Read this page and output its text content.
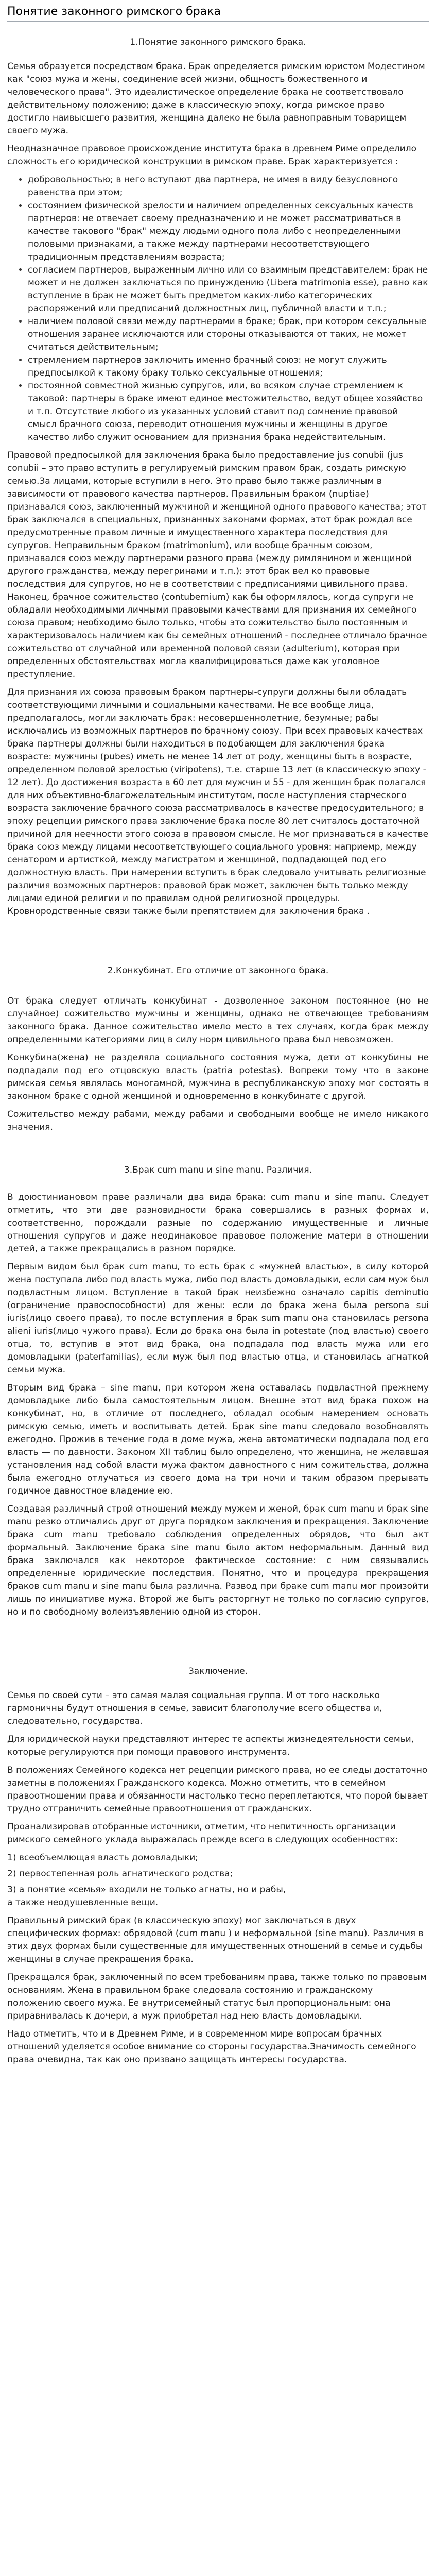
Понятие законного римского брака

1.Понятие законного римского брака.

Семья образуется посредством брака. Брак определяется римским юристом Модестином как "союз мужа и жены, соединение всей жизни, общность божественного и человеческого права". Это идеалистическое определение брака не соответствовало действительному положению; даже в классическую эпоху, когда римское право достигло наивысшего развития, женщина далеко не была равноправным товарищем своего мужа.

Неодназначное правовое происхождение института брака в древнем Риме определило сложность его юридической конструкции в римском праве. Брак характеризуется :

• добровольностью; в него вступают два партнера, не имея в виду безусловного равенства при этом;
• состоянием физической зрелости и наличием определенных сексуальных качеств партнеров: не отвечает своему предназначению и не может рассматриваться в качестве такового "брак" между людьми одного пола либо с неопределенными половыми признаками, а также между партнерами несоответствующего традиционным представлениям возраста;
• согласием партнеров, выраженным лично или со взаимным представителем: брак не может и не должен заключаться по принуждению (Libera matrimonia esse), равно как вступление в брак не может быть предметом каких-либо категорических распоряжений или предписаний должностных лиц, публичной власти и т.п.;
• наличием половой связи между партнерами в браке; брак, при котором сексуальные отношения заранее исключаются или стороны отказываются от таких, не может считаться действительным;
• стремлением партнеров заключить именно брачный союз: не могут служить предпосылкой к такому браку только сексуальные отношения;
• постоянной совместной жизнью супругов, или, во всяком случае стремлением к таковой: партнеры в браке имеют единое местожительство, ведут общее хозяйство и т.п. Отсутствие любого из указанных условий ставит под сомнение правовой смысл брачного союза, переводит отношения мужчины и женщины в другое качество либо служит основанием для признания брака недействительным.

Правовой предпосылкой для заключения брака было предоставление jus conubii (jus conubii – это право вступить в регулируемый римским правом брак, создать римскую семью.За лицами, которые вступили в него. Это право было также различным в зависимости от правового качества партнеров. Правильным браком (nuptiae) признавался союз, заключенный мужчиной и женщиной одного правового качества; этот брак заключался в специальных, признанных законами формах, этот брак рождал все предусмотренные правом личные и имущественного характера последствия для супругов. Неправильным браком (matrimonium), или вообще брачным союзом, признавался союз между партнерами разного права (между римлянином и женщиной другого гражданства, между перегринами и т.п.): этот брак вел ко правовые последствия для супругов, но не в соответствии с предписаниями цивильного права. Наконец, брачное сожительство (contubernium) как бы оформлялось, когда супруги не обладали необходимыми личными правовыми качествами для признания их семейного союза правом; необходимо было только, чтобы это сожительство было постоянным и характеризовалось наличием как бы семейных отношений - последнее отличало брачное сожительство от случайной или временной половой связи (adulterium), которая при определенных обстоятельствах могла квалифицироваться даже как уголовное преступление.

Для признания их союза правовым браком партнеры-супруги должны были обладать соответствующими личными и социальными качествами. Не все вообще лица, предполагалось, могли заключать брак: несовершеннолетние, безумные; рабы исключались из возможных партнеров по брачному союзу. При всех правовых качествах брака партнеры должны были находиться в подобающем для заключения брака возрасте: мужчины (pubes) иметь не менее 14 лет от роду, женщины быть в возрасте, определенном половой зрелостью (viripotens), т.е. старше 13 лет (в классическую эпоху - 12 лет). До достижения возраста в 60 лет для мужчин и 55 - для женщин брак полагался для них объективно-благожелательным институтом, после наступления старческого возраста заключение брачного союза рассматривалось в качестве предосудительного; в эпоху рецепции римского права заключение брака после 80 лет считалось достаточной причиной для неечности этого союза в правовом смысле. Не мог признаваться в качестве брака союз между лицами несоответствующего социального уровня: наприемр, между сенатором и артисткой, между магистратом и женщиной, подпадающей под его должностную власть. При намерении вступить в брак следовало учитывать религиозные различия возможных партнеров: правовой брак может, заключен быть только между лицами единой религии и по правилам одной религиозной процедуры. Кровнородственные связи также были препятствием для заключения брака .

2.Конкубинат. Его отличие от законного брака.

От брака следует отличать конкубинат - дозволенное законом постоянное (но не случайное) сожительство мужчины и женщины, однако не отвечающее требованиям законного брака. Данное сожительство имело место в тех случаях, когда брак между определенными категориями лиц в силу норм цивильного права был невозможен.

Конкубина(жена) не разделяла социального состояния мужа, дети от конкубины не подпадали под его отцовскую власть (patria potestas). Вопреки тому что в законе римская семья являлась моногамной, мужчина в республиканскую эпоху мог состоять в законном браке с одной женщиной и одновременно в конкубинате с другой.

Сожительство между рабами, между рабами и свободными вообще не имело никакого значения.

3.Брак cum manu и sine manu. Различия.

В доюстиниановом праве различали два вида брака: cum manu и sine manu. Следует отметить, что эти две разновидности брака совершались в разных формах и, соответственно, порождали разные по содержанию имущественные и личные отношения супругов и даже неодинаковое правовое положение матери в отношении детей, а также прекращались в разном порядке.

Первым видом был брак cum manu, то есть брак с «мужней властью», в силу которой жена поступала либо под власть мужа, либо под власть домовладыки, если сам муж был подвластным лицом. Вступление в такой брак неизбежно означало capitis deminutio (ограничение правоспособности) для жены: если до брака жена была persona sui iuris(лицо своего права), то после вступления в брак sum manu она становилась persona alieni iuris(лицо чужого права). Если до брака она была in potestate (под властью) своего отца, то, вступив в этот вид брака, она подпадала под власть мужа или его домовладыки (paterfamilias), если муж был под властью отца, и становилась агнаткой семьи мужа.

Вторым вид брака – sine manu, при котором жена оставалась подвластной прежнему домовладыке либо была самостоятельным лицом. Внешне этот вид брака похож на конкубинат, но, в отличие от последнего, обладал особым намерением основать римскую семью, иметь и воспитывать детей. Брак sine manu следовало возобновлять ежегодно. Прожив в течение года в доме мужа, жена автоматически подпадала под его власть — по давности. Законом XII таблиц было определено, что женщина, не желавшая установления над собой власти мужа фактом давностного с ним сожительства, должна была ежегодно отлучаться из своего дома на три ночи и таким образом прерывать годичное давностное владение ею.

Создавая различный строй отношений между мужем и женой, брак cum manu и брак sine manu резко отличались друг от друга порядком заключения и прекращения. Заключение брака cum manu требовало соблюдения определенных обрядов, что был акт формальный. Заключение брака sine manu было актом неформальным. Данный вид брака заключался как некоторое фактическое состояние: с ним связывались определенные юридические последствия. Понятно, что и процедура прекращения браков cum manu и sine manu была различна. Развод при браке cum manu мог произойти лишь по инициативе мужа. Второй же быть расторгнут не только по согласию супругов, но и по свободному волеизъявлению одной из сторон.

Заключение.

Семья по своей сути – это самая малая социальная группа. И от того насколько гармоничны будут отношения в семье, зависит благополучие всего общества и, следовательно, государства.

Для юридической науки представляют интерес те аспекты жизнедеятельности семьи, которые регулируются при помощи правового инструмента.

В положениях Семейного кодекса нет рецепции римского права, но ее следы достаточно заметны в положениях Гражданского кодекса. Можно отметить, что в семейном правоотношении права и обязанности настолько тесно переплетаются, что порой бывает трудно отграничить семейные правоотношения от гражданских.

Проанализировав отобранные источники, отметим, что непитичность организации римского семейного уклада выражалась прежде всего в следующих особенностях:

1) всеобъемлющая власть домовладыки;

2) первостепенная роль агнатического родства;

3) а понятие «семья» входили не только агнаты, но и рабы,

а также неодушевленные вещи.

Правильный римский брак (в классическую эпоху) мог заключаться в двух специфических формах: обрядовой (cum manu ) и неформальной (sine manu). Различия в этих двух формах были существенные для имущественных отношений в семье и судьбы женщины в случае прекращения брака.

Прекращался брак, заключенный по всем требованиям права, также только по правовым основаниям. Жена в правильном браке следовала состоянию и гражданскому положению своего мужа. Ее внутрисемейный статус был пропорциональным: она приравнивалась к дочери, а муж приобретал над нею власть домовладыки.

Надо отметить, что и в Древнем Риме, и в современном мире вопросам брачных отношений уделяется особое внимание со стороны государства.Значимость семейного права очевидна, так как оно призвано защищать интересы государства.
